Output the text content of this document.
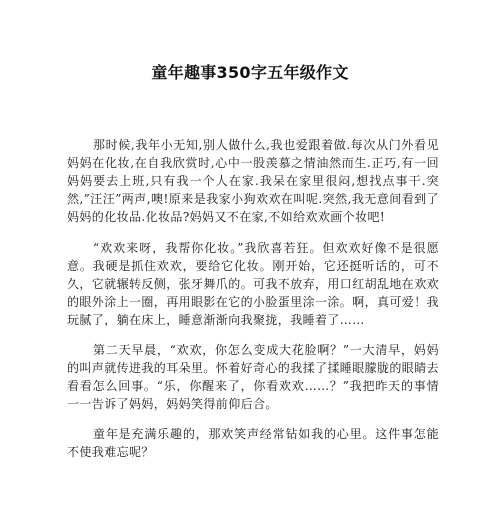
童年趣事350字五年级作文

那时候,我年小无知,别人做什么,我也爱跟着做.每次从门外看见妈妈在化妆,在自我欣赏时,心中一股羡慕之情油然而生.正巧,有一回妈妈要去上班,只有我一个人在家.我呆在家里很闷,想找点事干.突然,”汪汪”两声,噢!原来是我家小狗欢欢在叫呢.突然,我无意间看到了妈妈的化妆品.化妆品?妈妈又不在家,不如给欢欢画个妆吧!

“欢欢来呀，我帮你化妆。”我欣喜若狂。但欢欢好像不是很愿意。我硬是抓住欢欢，要给它化妆。刚开始，它还挺听话的，可不久，它就辗转反侧，张牙舞爪的。可我不放弃，用口红胡乱地在欢欢的眼外涂上一圈，再用眼影在它的小脸蛋里涂一涂。啊，真可爱！我玩腻了，躺在床上，睡意渐渐向我聚拢，我睡着了……

第二天早晨，“欢欢，你怎么变成大花脸啊？”一大清早，妈妈的叫声就传进我的耳朵里。怀着好奇心的我揉了揉睡眼朦胧的眼睛去看看怎么回事。“乐，你醒来了，你看欢欢……？”我把昨天的事情一一告诉了妈妈，妈妈笑得前仰后合。

童年是充满乐趣的，那欢笑声经常钻如我的心里。这件事怎能不使我难忘呢？
